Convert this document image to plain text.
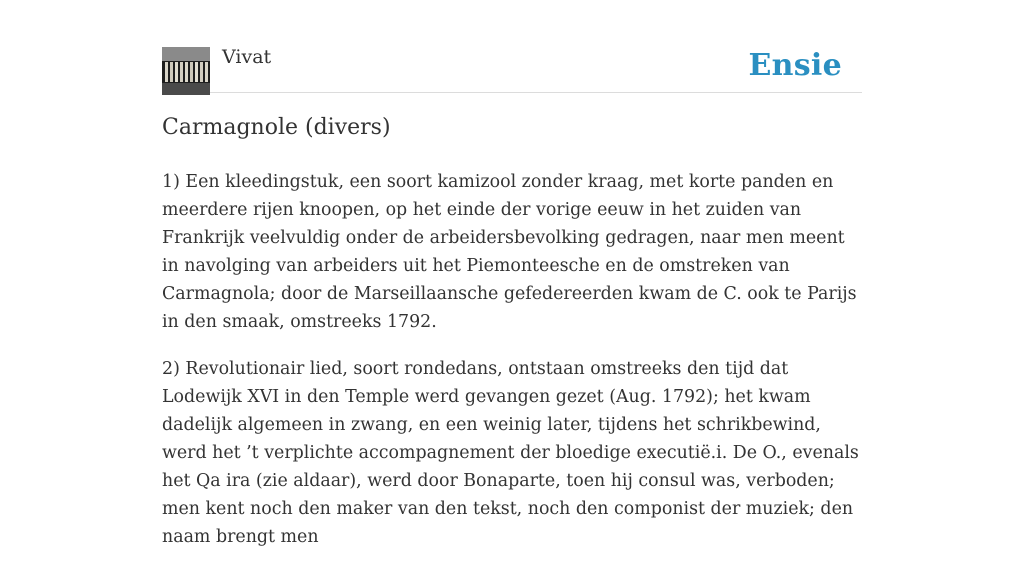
Vivat	Ensie
Carmagnole (divers)

1) Een kleedingstuk, een soort kamizool zonder kraag, met korte panden en meerdere rijen knoopen, op het einde der vorige eeuw in het zuiden van Frankrijk veelvuldig onder de arbeidersbevolking gedragen, naar men meent in navolging van arbeiders uit het Piemonteesche en de omstreken van Carmagnola; door de Marseillaansche gefedereerden kwam de C. ook te Parijs in den smaak, omstreeks 1792.

2) Revolutionair lied, soort rondedans, ontstaan omstreeks den tijd dat Lodewijk XVI in den Temple werd gevangen gezet (Aug. 1792); het kwam dadelijk algemeen in zwang, en een weinig later, tijdens het schrikbewind, werd het ’t verplichte accompagnement der bloedige executië.i. De O., evenals het Qa ira (zie aldaar), werd door Bonaparte, toen hij consul was, verboden; men kent noch den maker van den tekst, noch den componist der muziek; den naam brengt men
